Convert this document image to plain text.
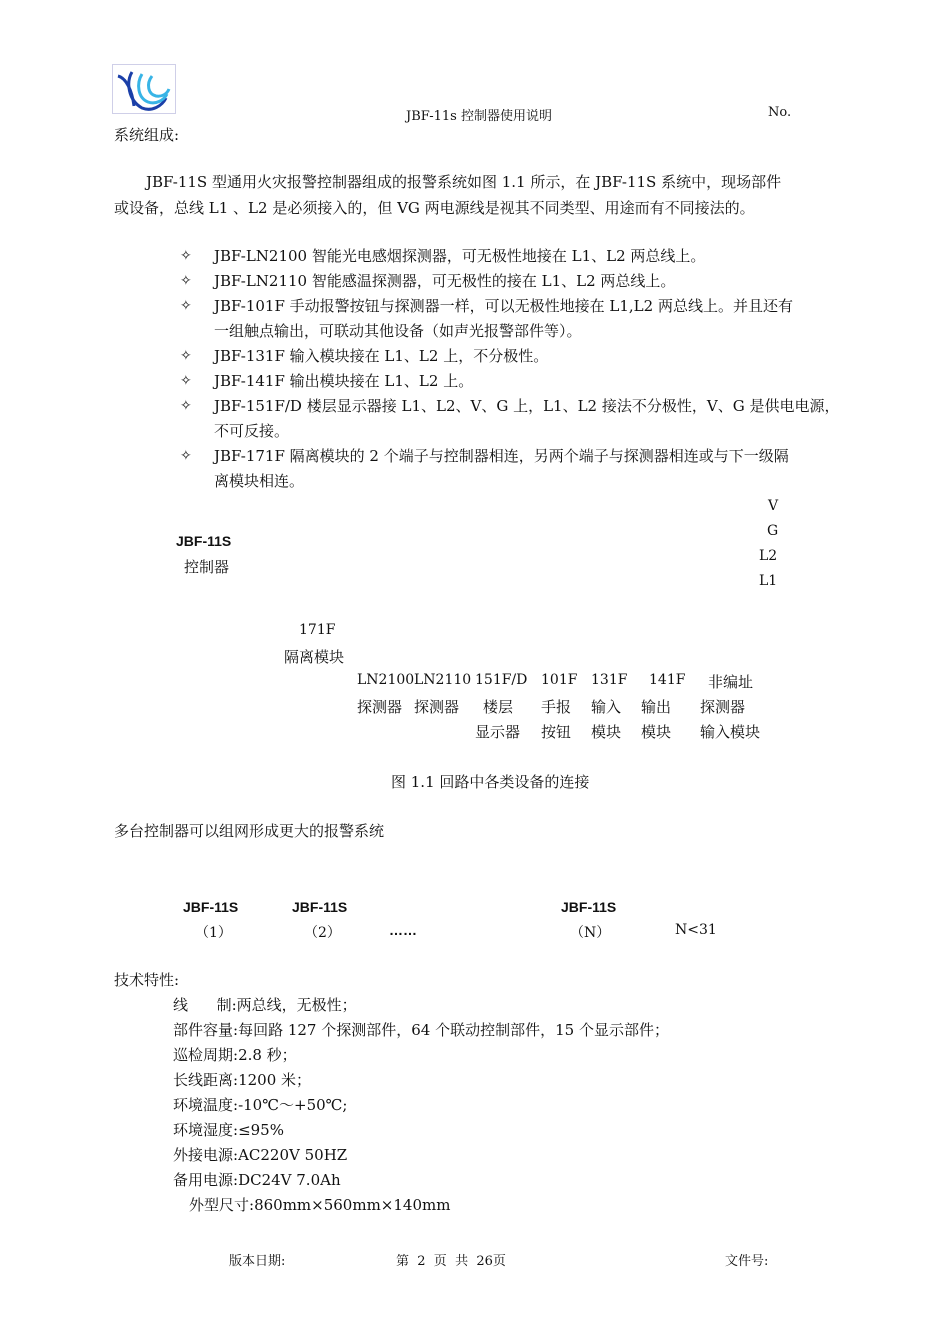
JBF-11s 控制器使用说明	No.
系统组成:
JBF-11S 型通用火灾报警控制器组成的报警系统如图 1.1 所示，在 JBF-11S 系统中，现场部件
或设备，总线 L1 、L2 是必须接入的，但 VG 两电源线是视其不同类型、用途而有不同接法的。
✧ JBF-LN2100 智能光电感烟探测器，可无极性地接在 L1、L2 两总线上。
✧ JBF-LN2110 智能感温探测器，可无极性的接在 L1、L2 两总线上。
✧ JBF-101F 手动报警按钮与探测器一样，可以无极性地接在 L1,L2 两总线上。并且还有
一组触点输出，可联动其他设备（如声光报警部件等）。
✧ JBF-131F 输入模块接在 L1、L2 上，不分极性。
✧ JBF-141F 输出模块接在 L1、L2 上。
✧ JBF-151F/D 楼层显示器接 L1、L2、V、G 上，L1、L2 接法不分极性，V、G 是供电电源，
不可反接。
✧ JBF-171F 隔离模块的 2 个端子与控制器相连，另两个端子与探测器相连或与下一级隔
离模块相连。
JBF-11S
控制器
V
G
L2
L1
171F
隔离模块
LN2100
探测器
LN2110
探测器
151F/D
楼层
显示器
101F
手报
按钮
131F
输入
模块
141F
输出
模块
非编址
探测器
输入模块
图 1.1 回路中各类设备的连接
多台控制器可以组网形成更大的报警系统
JBF-11S
（1）
JBF-11S
（2）	……
JBF-11S
（N）	N<31
技术特性:
线      制:两总线，无极性；
部件容量:每回路 127 个探测部件，64 个联动控制部件，15 个显示部件；
巡检周期:2.8 秒；
长线距离:1200 米；
环境温度:-10℃～+50℃;
环境湿度:≤95%
外接电源:AC220V 50HZ
备用电源:DC24V 7.0Ah
外型尺寸:860mm×560mm×140mm
版本日期:	第  2  页  共  26页	文件号:
